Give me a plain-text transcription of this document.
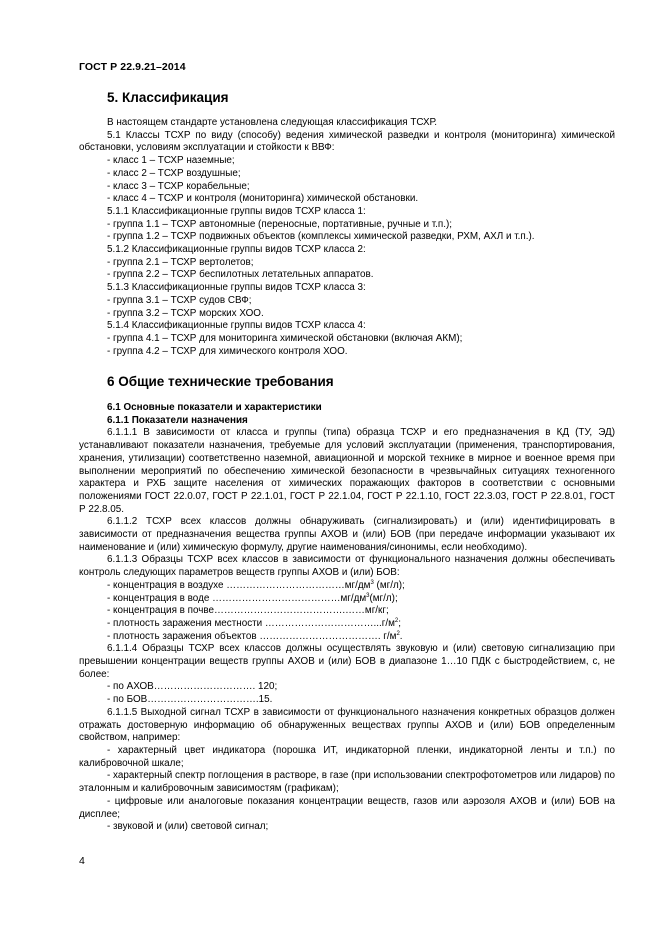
ГОСТ Р 22.9.21–2014
5. Классификация

В настоящем стандарте установлена следующая классификация ТСХР.

5.1 Классы ТСХР по виду (способу) ведения химической разведки и контроля (мониторинга) химической обстановки, условиям эксплуатации и стойкости к ВВФ:

- класс 1 – ТСХР наземные;

- класс 2 – ТСХР воздушные;

- класс 3 – ТСХР корабельные;

- класс 4 – ТСХР и контроля (мониторинга) химической обстановки.

5.1.1 Классификационные группы видов ТСХР класса 1:

- группа 1.1 – ТСХР автономные (переносные, портативные, ручные и т.п.);

- группа 1.2 – ТСХР подвижных объектов (комплексы химической разведки, РХМ, АХЛ и т.п.).

5.1.2 Классификационные группы видов ТСХР класса 2:

- группа 2.1 – ТСХР вертолетов;

- группа 2.2 – ТСХР беспилотных летательных аппаратов.

5.1.3 Классификационные группы видов ТСХР класса 3:

- группа 3.1 – ТСХР судов СВФ;

- группа 3.2 – ТСХР морских ХОО.

5.1.4 Классификационные группы видов ТСХР класса 4:

- группа 4.1 – ТСХР для мониторинга химической обстановки (включая АКМ);

- группа 4.2 – ТСХР для химического контроля ХОО.

6 Общие технические требования

6.1 Основные показатели и характеристики

6.1.1 Показатели назначения

6.1.1.1 В зависимости от класса и группы (типа) образца ТСХР и его предназначения в КД (ТУ, ЭД) устанавливают показатели назначения, требуемые для условий эксплуатации (применения, транспортирования, хранения, утилизации) соответственно наземной, авиационной и морской технике в мирное и военное время при выполнении мероприятий по обеспечению химической безопасности в чрезвычайных ситуациях техногенного характера и РХБ защите населения от химических поражающих факторов в соответствии с основными положениями ГОСТ 22.0.07, ГОСТ Р 22.1.01, ГОСТ Р 22.1.04, ГОСТ Р 22.1.10, ГОСТ 22.3.03, ГОСТ Р 22.8.01, ГОСТ Р 22.8.05.

6.1.1.2 ТСХР всех классов должны обнаруживать (сигнализировать) и (или) идентифицировать в зависимости от предназначения вещества группы АХОВ и (или) БОВ (при передаче информации указывают их наименование и (или) химическую формулу, другие наименования/синонимы, если необходимо).

6.1.1.3 Образцы ТСХР всех классов в зависимости от функционального назначения должны обеспечивать контроль следующих параметров веществ группы АХОВ и (или) БОВ:

- концентрация в воздухе $\dots\dots\dots\dots\dots\dots\dots\dots\dots\dots\dots\dots мг/дм^3$ (мг/л);

- концентрация в воде $\dots\dots\dots\dots\dots\dots\dots\dots\dots\dots\dots\dots\dots мг/дм^3(мг/л)$;

- концентрация в почве………………………………….……мг/кг;

- плотность заражения местности $\dots\dots\dots\dots\dots\dots\dots\dots\dots\dots\dots...г/м^2$;

- плотность заражения объектов ………………………………. $г/м^2$.

6.1.1.4 Образцы ТСХР всех классов должны осуществлять звуковую и (или) световую сигнализацию при превышении концентрации веществ группы АХОВ и (или) БОВ в диапазоне 1…10 ПДК с быстродействием, с, не более:

- по АХОВ…………………………. 120;

- по БОВ…………………………….15.

6.1.1.5 Выходной сигнал ТСХР в зависимости от функционального назначения конкретных образцов должен отражать достоверную информацию об обнаруженных веществах группы АХОВ и (или) БОВ определенным свойством, например:

- характерный цвет индикатора (порошка ИТ, индикаторной пленки, индикаторной ленты и т.п.) по калибровочной шкале;

- характерный спектр поглощения в растворе, в газе (при использовании спектрофотометров или лидаров) по эталонным и калибровочным зависимостям (графикам);

- цифровые или аналоговые показания концентрации веществ, газов или аэрозоля АХОВ и (или) БОВ на дисплее;

- звуковой и (или) световой сигнал;

4
